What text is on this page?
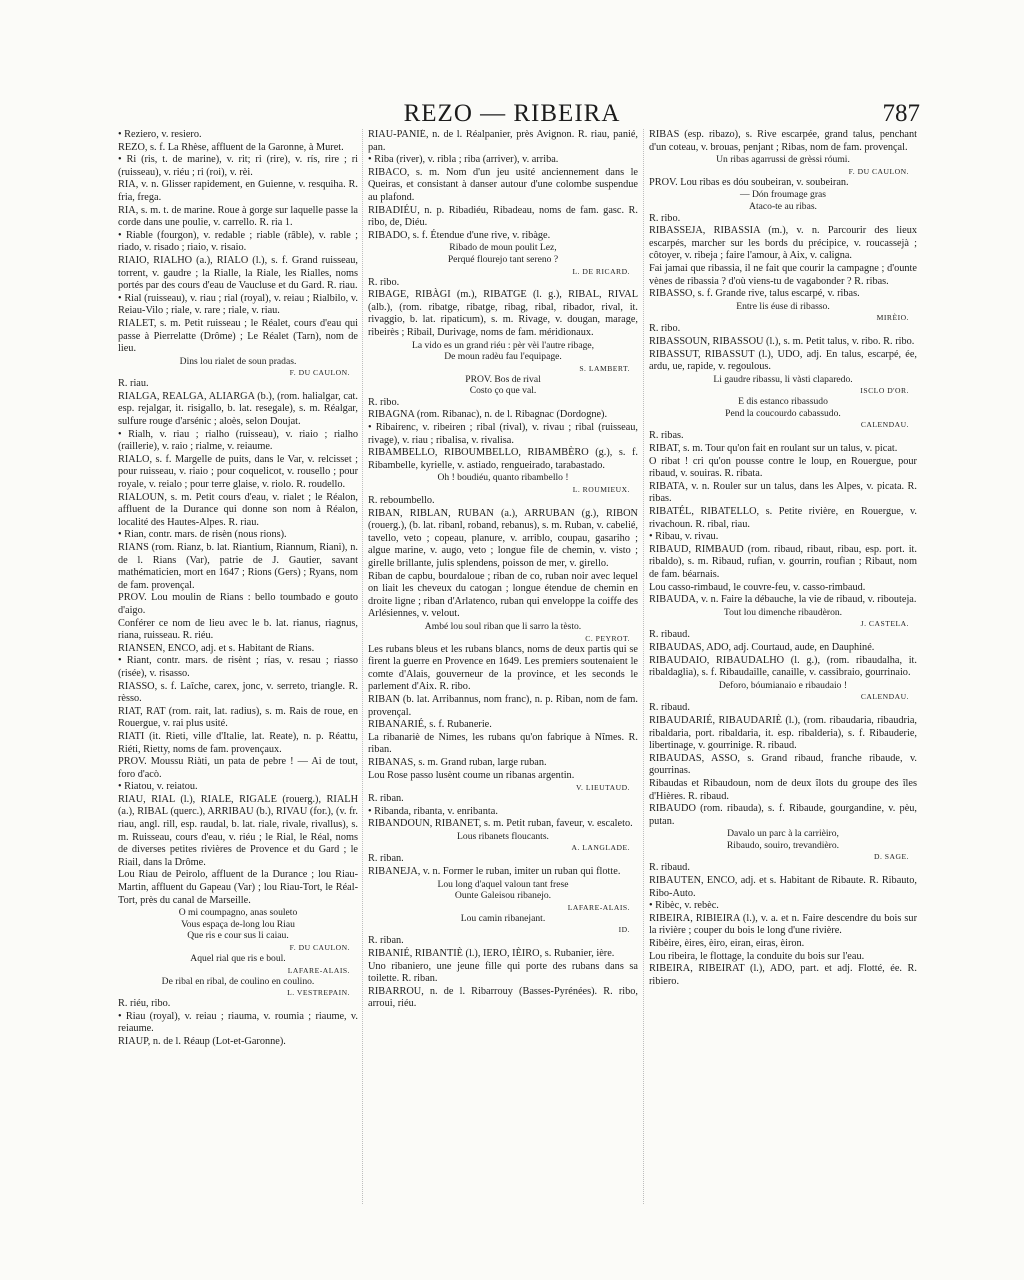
REZO — RIBEIRA	787

• Reziero, v. resiero.

REZO, s. f. La Rhèse, affluent de la Garonne, à Muret.

• Ri (ris, t. de marine), v. rit; ri (rire), v. rís, rire ; ri (ruisseau), v. riéu ; ri (roi), v. rèi.

RIA, v. n. Glisser rapidement, en Guienne, v. resquiha. R. fria, frega.

RIA, s. m. t. de marine. Roue à gorge sur laquelle passe la corde dans une poulie, v. carrello. R. ria 1.

• Riable (fourgon), v. redable ; riable (râble), v. rable ; riado, v. risado ; riaio, v. risaio.

RIAIO, RIALHO (a.), RIALO (l.), s. f. Grand ruisseau, torrent, v. gaudre ; la Rialle, la Riale, les Rialles, noms portés par des cours d'eau de Vaucluse et du Gard. R. riau.

• Rial (ruisseau), v. riau ; rial (royal), v. reiau ; Rialbilo, v. Reiau-Vilo ; riale, v. rare ; riale, v. riau.

RIALET, s. m. Petit ruisseau ; le Réalet, cours d'eau qui passe à Pierrelatte (Drôme) ; Le Réalet (Tarn), nom de lieu.

Dins lou rialet de soun pradas.

F. DU CAULON.

R. riau.

RIALGA, REALGA, ALIARGA (b.), (rom. halialgar, cat. esp. rejalgar, it. risigallo, b. lat. resegale), s. m. Réalgar, sulfure rouge d'arsénic ; aloès, selon Doujat.

• Rialh, v. riau ; rialho (ruisseau), v. riaio ; rialho (raillerie), v. raio ; rialme, v. reiaume.

RIALO, s. f. Margelle de puits, dans le Var, v. relcisset ; pour ruisseau, v. riaio ; pour coquelicot, v. rousello ; pour royale, v. reialo ; pour terre glaise, v. riolo. R. roudello.

RIALOUN, s. m. Petit cours d'eau, v. rialet ; le Réalon, affluent de la Durance qui donne son nom à Réalon, localité des Hautes-Alpes. R. riau.

• Rian, contr. mars. de risèn (nous rions).

RIANS (rom. Rianz, b. lat. Riantium, Riannum, Riani), n. de l. Rians (Var), patrie de J. Gautier, savant mathématicien, mort en 1647 ; Rions (Gers) ; Ryans, nom de fam. provençal.

PROV. Lou moulin de Rians : bello toumbado e gouto d'aigo.

Conférer ce nom de lieu avec le b. lat. rianus, riagnus, riana, ruisseau. R. riéu.

RIANSEN, ENCO, adj. et s. Habitant de Rians.

• Riant, contr. mars. de risènt ; rías, v. resau ; riasso (risée), v. risasso.

RIASSO, s. f. Laîche, carex, jonc, v. serreto, triangle. R. rèsso.

RIAT, RAT (rom. rait, lat. radius), s. m. Rais de roue, en Rouergue, v. rai plus usité.

RIATI (it. Rieti, ville d'Italie, lat. Reate), n. p. Réattu, Riéti, Rietty, noms de fam. provençaux.

PROV. Moussu Riàti, un pata de pebre ! — Ai de tout, foro d'acò.

• Riatou, v. reiatou.

RIAU, RIAL (l.), RIALE, RIGALE (rouerg.), RIALH (a.), RIBAL (querc.), ARRIBAU (b.), RIVAU (for.), (v. fr. riau, angl. rill, esp. raudal, b. lat. riale, rivale, rivallus), s. m. Ruisseau, cours d'eau, v. riéu ; le Rial, le Réal, noms de diverses petites rivières de Provence et du Gard ; le Riail, dans la Drôme.

Lou Riau de Peirolo, affluent de la Durance ; lou Riau-Martin, affluent du Gapeau (Var) ; lou Riau-Tort, le Réal-Tort, près du canal de Marseille.

O mi coumpagno, anas souleto

Vous espaça de-long lou Riau

Que ris e cour sus li caiau.

F. DU CAULON.

Aquel rial que ris e boul.

LAFARE-ALAIS.

De ribal en ribal, de coulino en coulino.

L. VESTREPAIN.

R. riéu, ribo.

• Riau (royal), v. reiau ; riauma, v. roumia ; riaume, v. reiaume.

RIAUP, n. de l. Réaup (Lot-et-Garonne).

RIAU-PANIÉ, n. de l. Réalpanier, près Avignon. R. riau, panié, pan.

• Riba (river), v. ribla ; riba (arriver), v. arriba.

RIBACO, s. m. Nom d'un jeu usité anciennement dans le Queiras, et consistant à danser autour d'une colombe suspendue au plafond.

RIBADIÉU, n. p. Ribadiéu, Ribadeau, noms de fam. gasc. R. ribo, de, Diéu.

RIBADO, s. f. Étendue d'une rive, v. ribàge.

Ribado de moun poulit Lez,

Perqué flourejo tant sereno ?

L. DE RICARD.

R. ribo.

RIBAGE, RIBÀGI (m.), RIBATGE (l. g.), RIBAL, RIVAL (alb.), (rom. ribatge, ribatge, ribag, ribal, ribador, rival, it. rivaggio, b. lat. ripaticum), s. m. Rivage, v. dougan, marage, ribeirès ; Ribail, Durivage, noms de fam. méridionaux.

La vido es un grand riéu : pèr vèi l'autre ribage,

De moun radèu fau l'equipage.

S. LAMBERT.

PROV. Bos de rival

Costo ço que val.

R. ribo.

RIBAGNA (rom. Ribanac), n. de l. Ribagnac (Dordogne).

• Ribairenc, v. ribeiren ; ribal (rival), v. rivau ; ribal (ruisseau, rivage), v. riau ; ribalisa, v. rivalisa.

RIBAMBELLO, RIBOUMBELLO, RIBAMBÈRO (g.), s. f. Ribambelle, kyrielle, v. astiado, rengueirado, tarabastado.

Oh ! boudiéu, quanto ribambello !

L. ROUMIEUX.

R. reboumbello.

RIBAN, RIBLAN, RUBAN (a.), ARRUBAN (g.), RIBON (rouerg.), (b. lat. ribanl, roband, rebanus), s. m. Ruban, v. cabelié, tavello, veto ; copeau, planure, v. arriblo, coupau, gasariho ; algue marine, v. augo, veto ; longue file de chemin, v. visto ; girelle brillante, julis splendens, poisson de mer, v. girello.

Riban de capbu, bourdaloue ; riban de co, ruban noir avec lequel on liait les cheveux du catogan ; longue étendue de chemin en droite ligne ; riban d'Arlatenco, ruban qui enveloppe la coiffe des Arlésiennes, v. velout.

Ambé lou soul riban que li sarro la tèsto.

C. PEYROT.

Les rubans bleus et les rubans blancs, noms de deux partis qui se firent la guerre en Provence en 1649. Les premiers soutenaient le comte d'Alais, gouverneur de la province, et les seconds le parlement d'Aix. R. ribo.

RIBAN (b. lat. Arribannus, nom franc), n. p. Riban, nom de fam. provençal.

RIBANARIÉ, s. f. Rubanerie.

La ribanariè de Nimes, les rubans qu'on fabrique à Nîmes. R. riban.

RIBANAS, s. m. Grand ruban, large ruban.

Lou Rose passo lusènt coume un ribanas argentin.

V. LIEUTAUD.

R. riban.

• Ribanda, ribanta, v. enribanta.

RIBANDOUN, RIBANET, s. m. Petit ruban, faveur, v. escaleto.

Lous ribanets floucants.

A. LANGLADE.

R. riban.

RIBANEJA, v. n. Former le ruban, imiter un ruban qui flotte.

Lou long d'aquel valoun tant frese

Ounte Galeisou ribanejo.

LAFARE-ALAIS.

Lou camin ribanejant.

ID.

R. riban.

RIBANIÉ, RIBANTIÈ (l.), IERO, IÈIRO, s. Rubanier, ière.

Uno ribaniero, une jeune fille qui porte des rubans dans sa toilette. R. riban.

RIBARROU, n. de l. Ribarrouy (Basses-Pyrénées). R. ribo, arroui, riéu.

RIBAS (esp. ribazo), s. Rive escarpée, grand talus, penchant d'un coteau, v. brouas, penjant ; Ribas, nom de fam. provençal.

Un ribas agarrussi de grèssi róumi.

F. DU CAULON.

PROV. Lou ribas es dóu soubeiran, v. soubeiran.

— Dón froumage gras

Ataco-te au ribas.

R. ribo.

RIBASSEJA, RIBASSIA (m.), v. n. Parcourir des lieux escarpés, marcher sur les bords du précipice, v. roucassejà ; côtoyer, v. ribeja ; faire l'amour, à Aix, v. caligna.

Fai jamai que ribassia, il ne fait que courir la campagne ; d'ounte vènes de ribassia ? d'où viens-tu de vagabonder ? R. ribas.

RIBASSO, s. f. Grande rive, talus escarpé, v. ribas.

Entre lis éuse di ribasso.

MIRÈIO.

R. ribo.

RIBASSOUN, RIBASSOU (l.), s. m. Petit talus, v. ribo. R. ribo.

RIBASSUT, RIBASSUT (l.), UDO, adj. En talus, escarpé, ée, ardu, ue, rapide, v. regoulous.

Li gaudre ribassu, li vàsti claparedo.

ISCLO D'OR.

E dis estanco ribassudo

Pend la coucourdo cabassudo.

CALENDAU.

R. ribas.

RIBAT, s. m. Tour qu'on fait en roulant sur un talus, v. picat.

O ribat ! cri qu'on pousse contre le loup, en Rouergue, pour ribaud, v. souiras. R. ribata.

RIBATA, v. n. Rouler sur un talus, dans les Alpes, v. picata. R. ribas.

RIBATÉL, RIBATELLO, s. Petite rivière, en Rouergue, v. rivachoun. R. ribal, riau.

• Ribau, v. rivau.

RIBAUD, RIMBAUD (rom. ribaud, ribaut, ribau, esp. port. it. ribaldo), s. m. Ribaud, rufian, v. gourrin, roufian ; Ribaut, nom de fam. béarnais.

Lou casso-rimbaud, le couvre-feu, v. casso-rimbaud.

RIBAUDA, v. n. Faire la débauche, la vie de ribaud, v. ribouteja.

Tout lou dimenche ribaudèron.

J. CASTELA.

R. ribaud.

RIBAUDAS, ADO, adj. Courtaud, aude, en Dauphiné.

RIBAUDAIO, RIBAUDALHO (l. g.), (rom. ribaudalha, it. ribaldaglia), s. f. Ribaudaille, canaille, v. cassibraio, gourrinaio.

Deforo, bóumianaio e ribaudaio !

CALENDAU.

R. ribaud.

RIBAUDARIÉ, RIBAUDARIÈ (l.), (rom. ribaudaria, ribaudria, ribaldaria, port. ribaldaria, it. esp. ribalderia), s. f. Ribauderie, libertinage, v. gourrinige. R. ribaud.

RIBAUDAS, ASSO, s. Grand ribaud, franche ribaude, v. gourrinas.

Ribaudas et Ribaudoun, nom de deux îlots du groupe des îles d'Hières. R. ribaud.

RIBAUDO (rom. ribauda), s. f. Ribaude, gourgandine, v. pèu, putan.

Davalo un parc à la carrièiro,

Ribaudo, souiro, trevandièro.

D. SAGE.

R. ribaud.

RIBAUTEN, ENCO, adj. et s. Habitant de Ribaute. R. Ribauto, Ribo-Auto.

• Ribèc, v. rebèc.

RIBEIRA, RIBIEIRA (l.), v. a. et n. Faire descendre du bois sur la rivière ; couper du bois le long d'une rivière.

Ribèire, èires, èiro, eiran, eiras, èiron.

Lou ribeira, le flottage, la conduite du bois sur l'eau.

RIBEIRA, RIBEIRAT (l.), ADO, part. et adj. Flotté, ée. R. ribiero.
